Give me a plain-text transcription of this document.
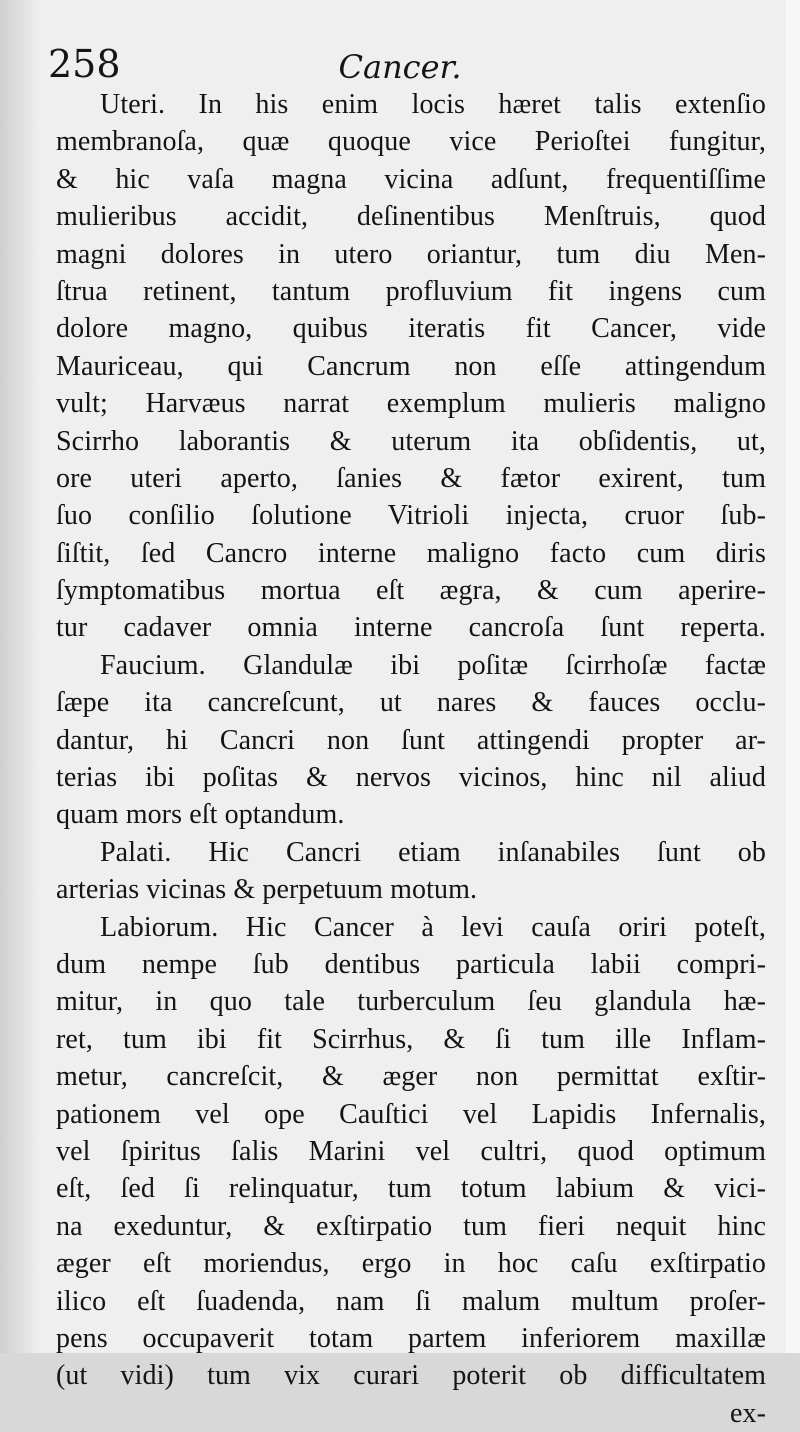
258	Cancer.
Uteri. In his enim locis hæret talis extenſio
membranoſa, quæ quoque vice Perioſtei fungitur,
& hic vaſa magna vicina adſunt, frequentiſſime
mulieribus accidit, deſinentibus Menſtruis, quod
magni dolores in utero oriantur, tum diu Men-
ſtrua retinent, tantum profluvium fit ingens cum
dolore magno, quibus iteratis fit Cancer, vide
Mauriceau, qui Cancrum non eſſe attingendum
vult; Harvæus narrat exemplum mulieris maligno
Scirrho laborantis & uterum ita obſidentis, ut,
ore uteri aperto, ſanies & fætor exirent, tum
ſuo conſilio ſolutione Vitrioli injecta, cruor ſub-
ſiſtit, ſed Cancro interne maligno facto cum diris
ſymptomatibus mortua eſt ægra, & cum aperire-
tur cadaver omnia interne cancroſa ſunt reperta.
Faucium. Glandulæ ibi poſitæ ſcirrhoſæ factæ
ſæpe ita cancreſcunt, ut nares & fauces occlu-
dantur, hi Cancri non ſunt attingendi propter ar-
terias ibi poſitas & nervos vicinos, hinc nil aliud
quam mors eſt optandum.
Palati. Hic Cancri etiam inſanabiles ſunt ob
arterias vicinas & perpetuum motum.
Labiorum. Hic Cancer à levi cauſa oriri poteſt,
dum nempe ſub dentibus particula labii compri-
mitur, in quo tale turberculum ſeu glandula hæ-
ret, tum ibi fit Scirrhus, & ſi tum ille Inflam-
metur, cancreſcit, & æger non permittat exſtir-
pationem vel ope Cauſtici vel Lapidis Infernalis,
vel ſpiritus ſalis Marini vel cultri, quod optimum
eſt, ſed ſi relinquatur, tum totum labium & vici-
na exeduntur, & exſtirpatio tum fieri nequit hinc
æger eſt moriendus, ergo in hoc caſu exſtirpatio
ilico eſt ſuadenda, nam ſi malum multum proſer-
pens occupaverit totam partem inferiorem maxillæ
(ut vidi) tum vix curari poterit ob difficultatem
ex-
